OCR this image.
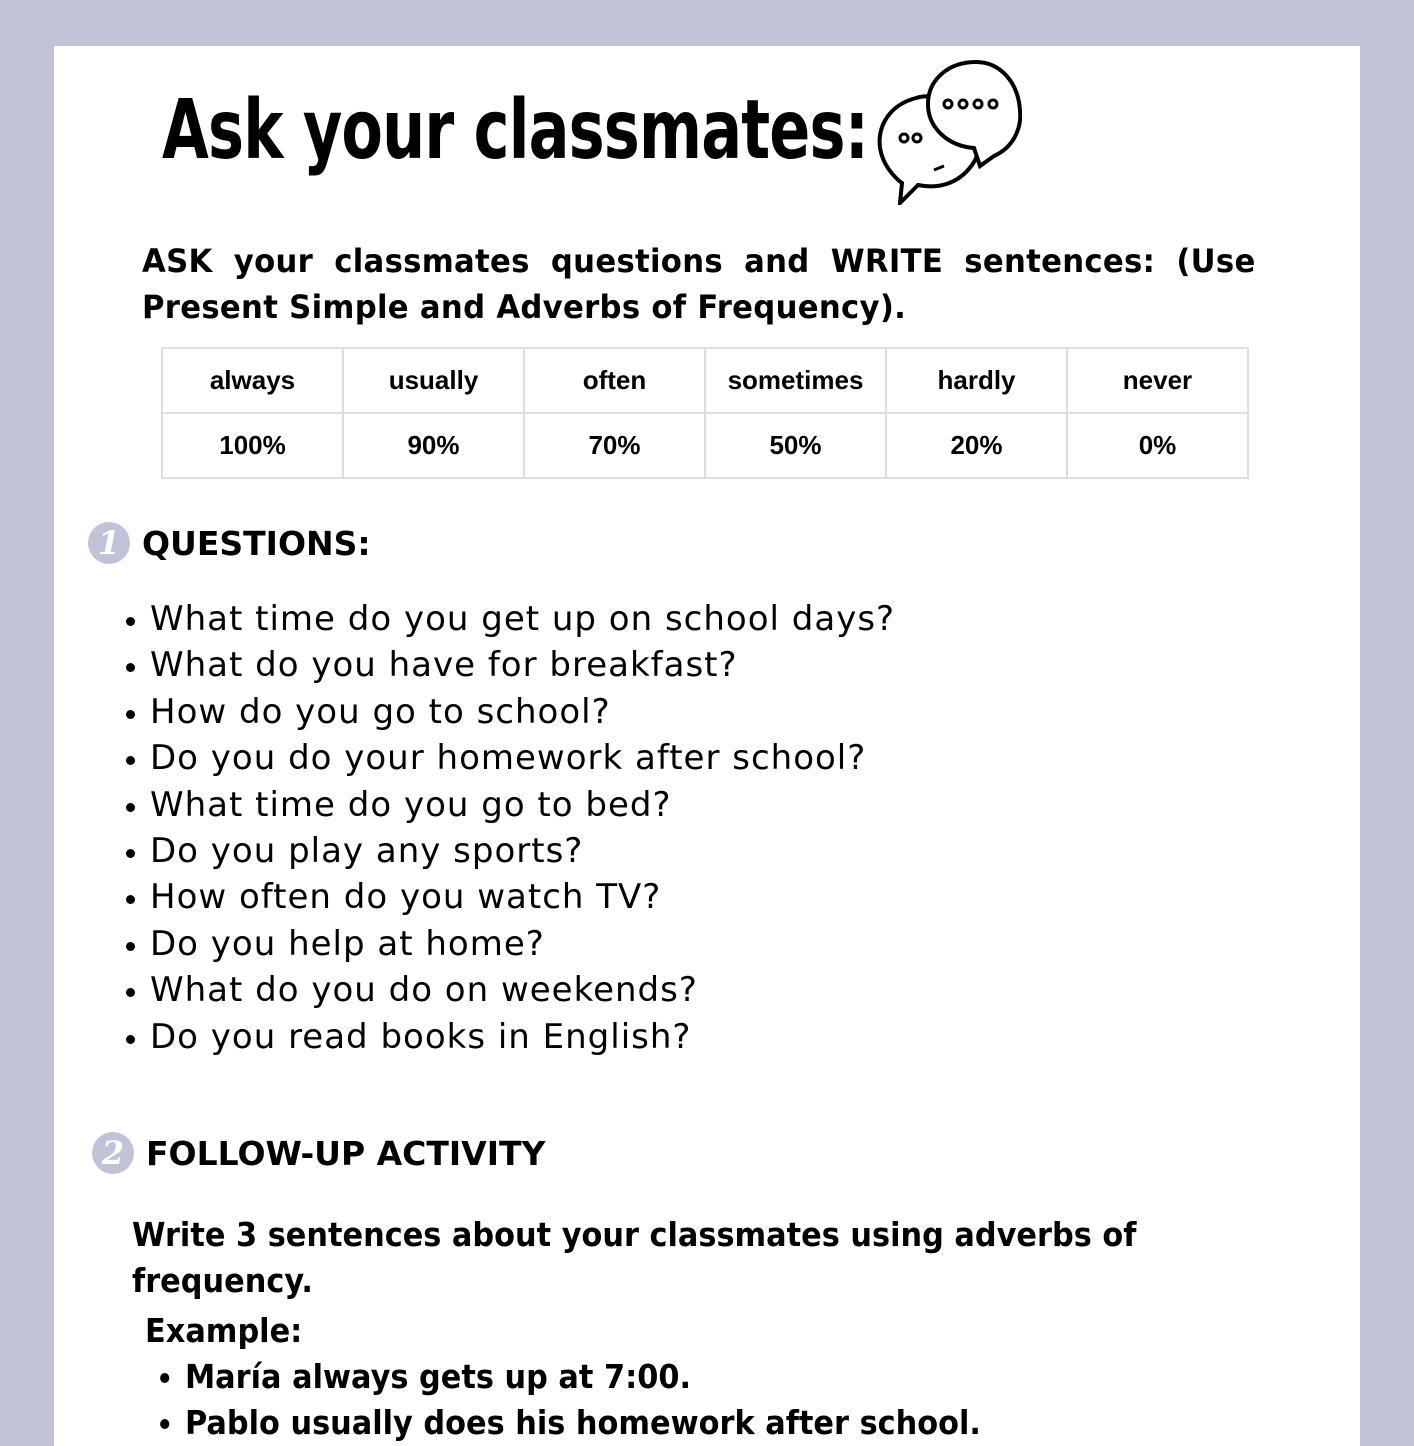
Ask your classmates:
ASK your classmates questions and WRITE sentences: (Use Present Simple and Adverbs of Frequency).
always	usually	often	sometimes	hardly	never
100%	90%	70%	50%	20%	0%
1 QUESTIONS:
• What time do you get up on school days?
• What do you have for breakfast?
• How do you go to school?
• Do you do your homework after school?
• What time do you go to bed?
• Do you play any sports?
• How often do you watch TV?
• Do you help at home?
• What do you do on weekends?
• Do you read books in English?
2 FOLLOW-UP ACTIVITY
Write 3 sentences about your classmates using adverbs of frequency.
Example:
• María always gets up at 7:00.
• Pablo usually does his homework after school.
